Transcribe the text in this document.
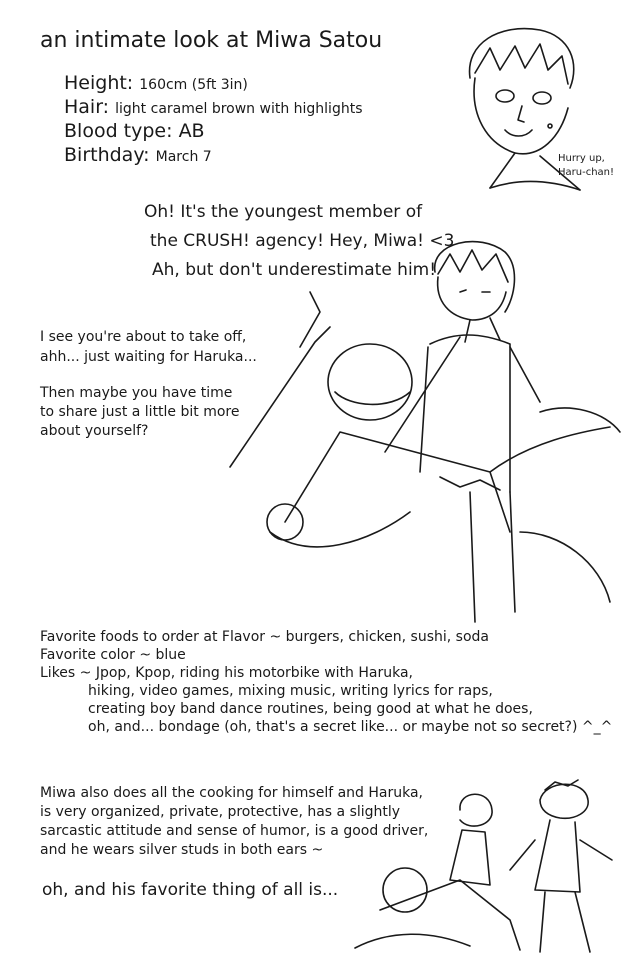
an intimate look at Miwa Satou
Height: 160cm (5ft 3in)
Hair: light caramel brown with highlights
Blood type: AB
Birthday: March 7	Hurry up,
Haru-chan!
Oh! It's the youngest member of
the CRUSH! agency! Hey, Miwa! <3
Ah, but don't underestimate him!
I see you're about to take off,
ahh... just waiting for Haruka...
Then maybe you have time
to share just a little bit more
about yourself?
Favorite foods to order at Flavor ~ burgers, chicken, sushi, soda
Favorite color ~ blue
Likes ~ Jpop, Kpop, riding his motorbike with Haruka,
hiking, video games, mixing music, writing lyrics for raps,
creating boy band dance routines, being good at what he does,
oh, and... bondage (oh, that's a secret like... or maybe not so secret?) ^_^
Miwa also does all the cooking for himself and Haruka,
is very organized, private, protective, has a slightly
sarcastic attitude and sense of humor, is a good driver,
and he wears silver studs in both ears ~
oh, and his favorite thing of all is...
